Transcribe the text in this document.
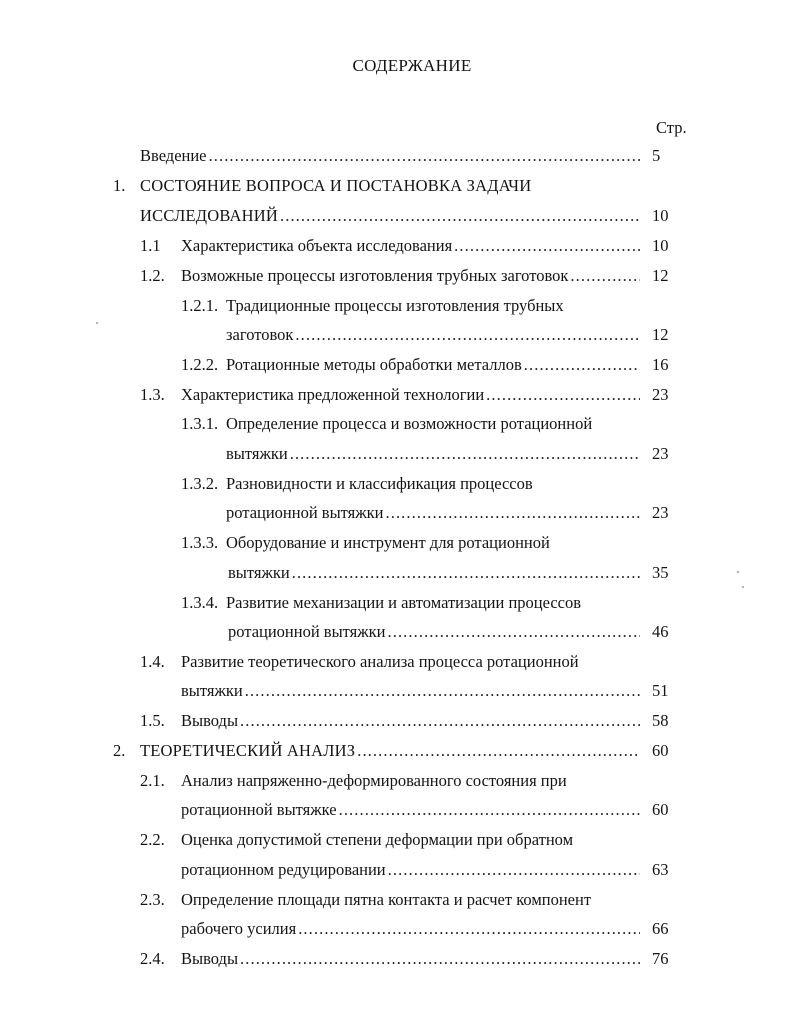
СОДЕРЖАНИЕ
Стр.
Введение .....	5
1. СОСТОЯНИЕ ВОПРОСА И ПОСТАНОВКА ЗАДАЧИ
ИССЛЕДОВАНИЙ .....	10
1.1 Характеристика объекта исследования .....	10
1.2. Возможные процессы изготовления трубных заготовок .....	12
1.2.1. Традиционные процессы изготовления трубных
заготовок .....	12
1.2.2. Ротационные методы обработки металлов .....	16
1.3. Характеристика предложенной технологии .....	23
1.3.1. Определение процесса и возможности ротационной
вытяжки .....	23
1.3.2. Разновидности и классификация процессов
ротационной вытяжки .....	23
1.3.3. Оборудование и инструмент для ротационной
вытяжки .....	35
1.3.4. Развитие механизации и автоматизации процессов
ротационной вытяжки .....	46
1.4. Развитие теоретического анализа процесса ротационной
вытяжки .....	51
1.5. Выводы .....	58
2. ТЕОРЕТИЧЕСКИЙ АНАЛИЗ .....	60
2.1. Анализ напряженно-деформированного состояния при
ротационной вытяжке .....	60
2.2. Оценка допустимой степени деформации при обратном
ротационном редуцировании .....	63
2.3. Определение площади пятна контакта и расчет компонент
рабочего усилия .....	66
2.4. Выводы .....	76
